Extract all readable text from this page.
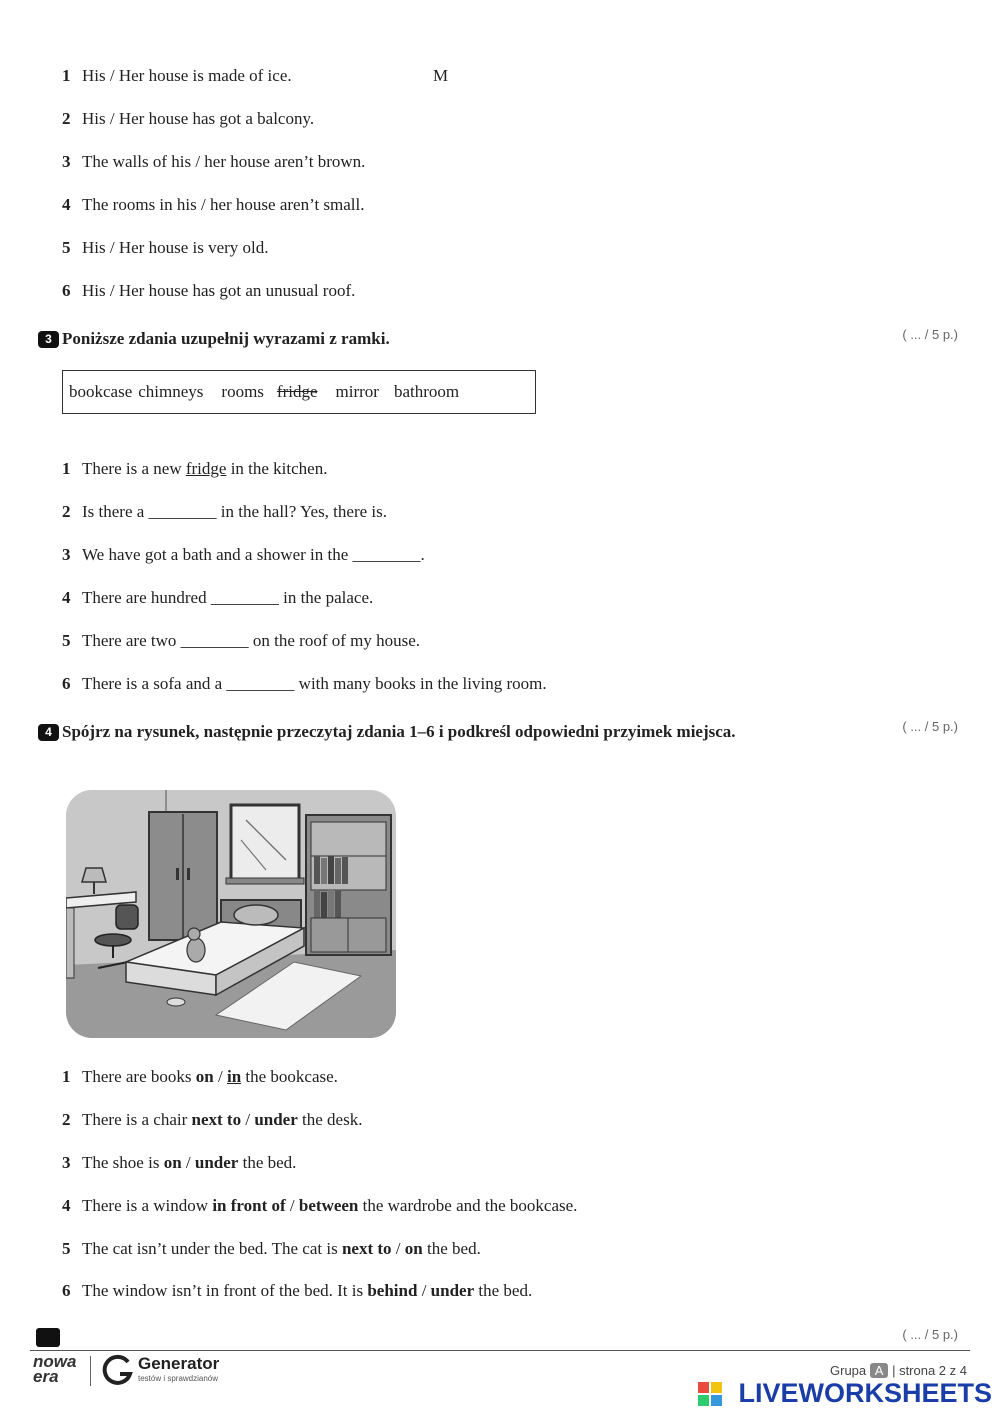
1 His / Her house is made of ice.	M
2 His / Her house has got a balcony.
3 The walls of his / her house aren’t brown.
4 The rooms in his / her house aren’t small.
5 His / Her house is very old.
6 His / Her house has got an unusual roof.
3 Poniższe zdania uzupełnij wyrazami z ramki.	( ... / 5 p.)
bookcase chimneys rooms fridge mirror bathroom
1 There is a new fridge in the kitchen.
2 Is there a ________ in the hall? Yes, there is.
3 We have got a bath and a shower in the ________.
4 There are hundred ________ in the palace.
5 There are two ________ on the roof of my house.
6 There is a sofa and a ________ with many books in the living room.
4 Spójrz na rysunek, następnie przeczytaj zdania 1–6 i podkreśl odpowiedni przyimek miejsca.	( ... / 5 p.)
1 There are books on / in the bookcase.
2 There is a chair next to / under the desk.
3 The shoe is on / under the bed.
4 There is a window in front of / between the wardrobe and the bookcase.
5 The cat isn’t under the bed. The cat is next to / on the bed.
6 The window isn’t in front of the bed. It is behind / under the bed.
( ... / 5 p.)
nowa
era
Generator
testów i sprawdzianów
Grupa A | strona 2 z 4
LIVEWORKSHEETS
